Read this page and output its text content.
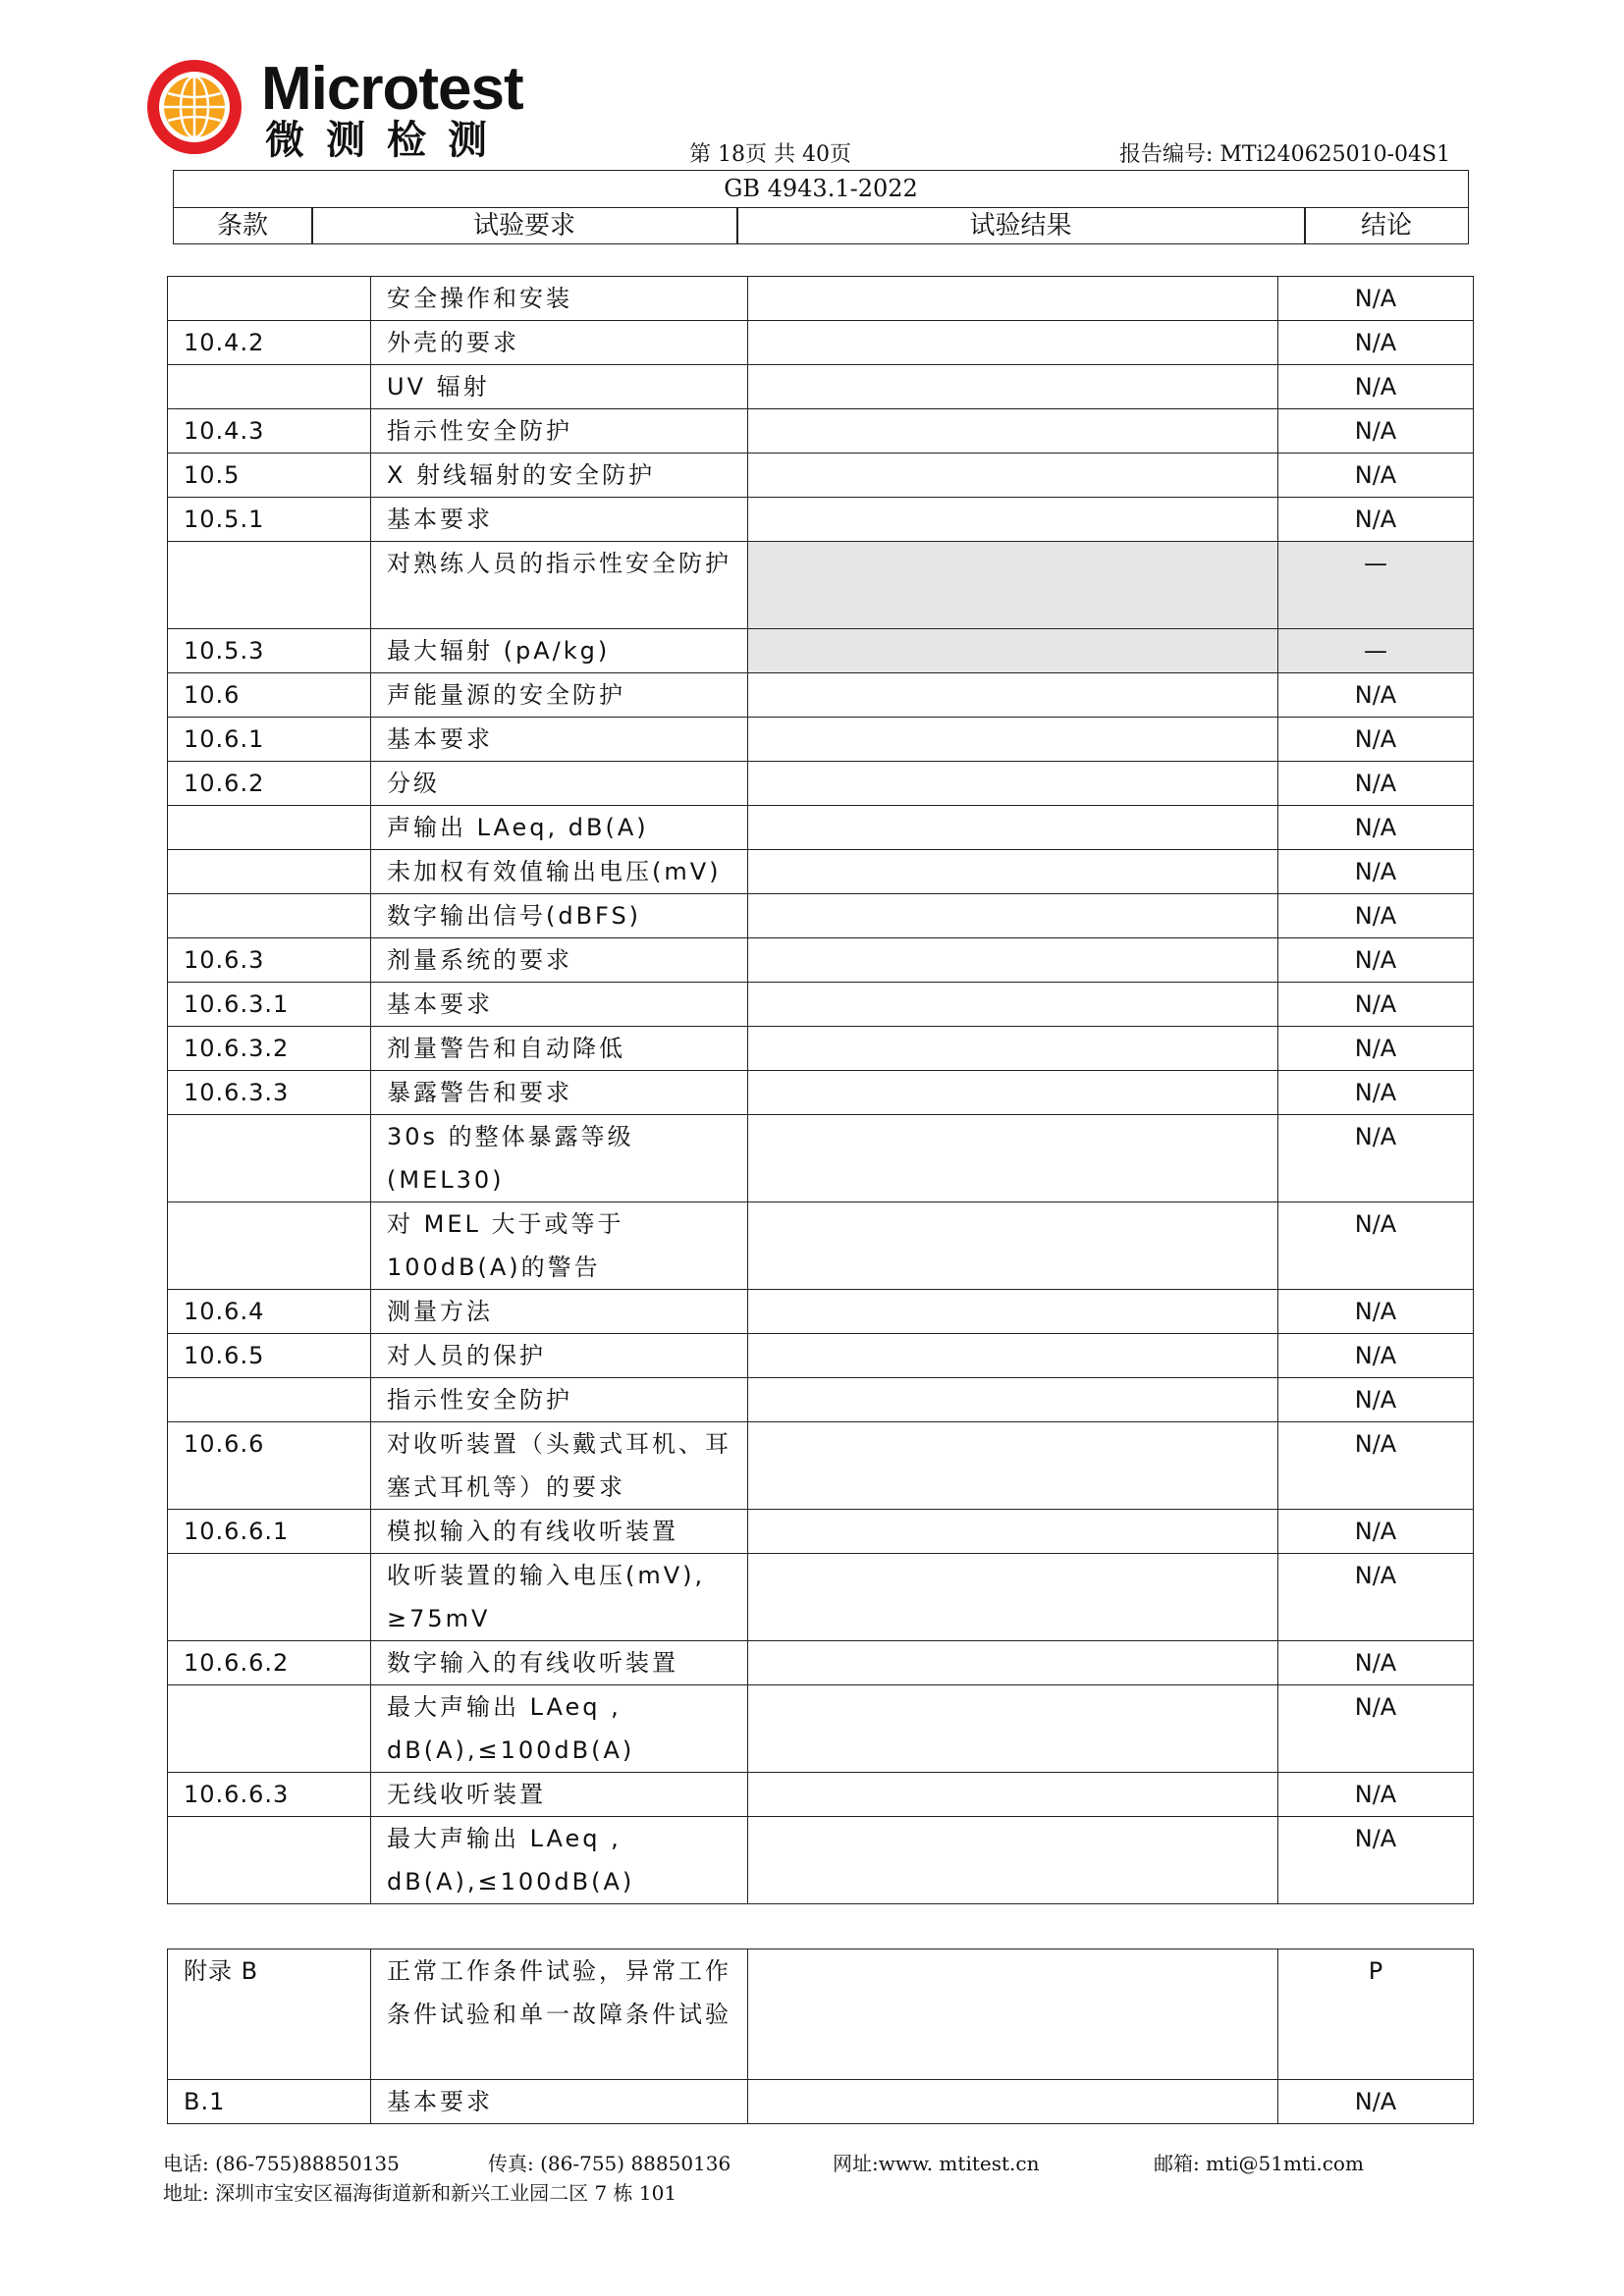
Microtest
微测检测	第 18页 共 40页	报告编号: MTi240625010-04S1
GB 4943.1-2022
条款	试验要求	试验结果	结论
	安全操作和安装		N/A
10.4.2	外壳的要求		N/A
	UV 辐射		N/A
10.4.3	指示性安全防护		N/A
10.5	X 射线辐射的安全防护		N/A
10.5.1	基本要求		N/A
	对熟练人员的指示性安全防护		—
10.5.3	最大辐射 (pA/kg)		—
10.6	声能量源的安全防护		N/A
10.6.1	基本要求		N/A
10.6.2	分级		N/A
	声输出 LAeq, dB(A)		N/A
	未加权有效值输出电压(mV)		N/A
	数字输出信号(dBFS)		N/A
10.6.3	剂量系统的要求		N/A
10.6.3.1	基本要求		N/A
10.6.3.2	剂量警告和自动降低		N/A
10.6.3.3	暴露警告和要求		N/A
	30s 的整体暴露等级(MEL30)		N/A
	对 MEL 大于或等于 100dB(A)的警告		N/A
10.6.4	测量方法		N/A
10.6.5	对人员的保护		N/A
	指示性安全防护		N/A
10.6.6	对收听装置（头戴式耳机、耳塞式耳机等）的要求		N/A
10.6.6.1	模拟输入的有线收听装置		N/A
	收听装置的输入电压(mV), ≥75mV		N/A
10.6.6.2	数字输入的有线收听装置		N/A
	最大声输出 LAeq , dB(A),≤100dB(A)		N/A
10.6.6.3	无线收听装置		N/A
	最大声输出 LAeq , dB(A),≤100dB(A)		N/A
附录 B	正常工作条件试验，异常工作条件试验和单一故障条件试验		P
B.1	基本要求		N/A
电话: (86-755)88850135	传真: (86-755) 88850136	网址:www. mtitest.cn	邮箱: mti@51mti.com
地址: 深圳市宝安区福海街道新和新兴工业园二区 7 栋 101
